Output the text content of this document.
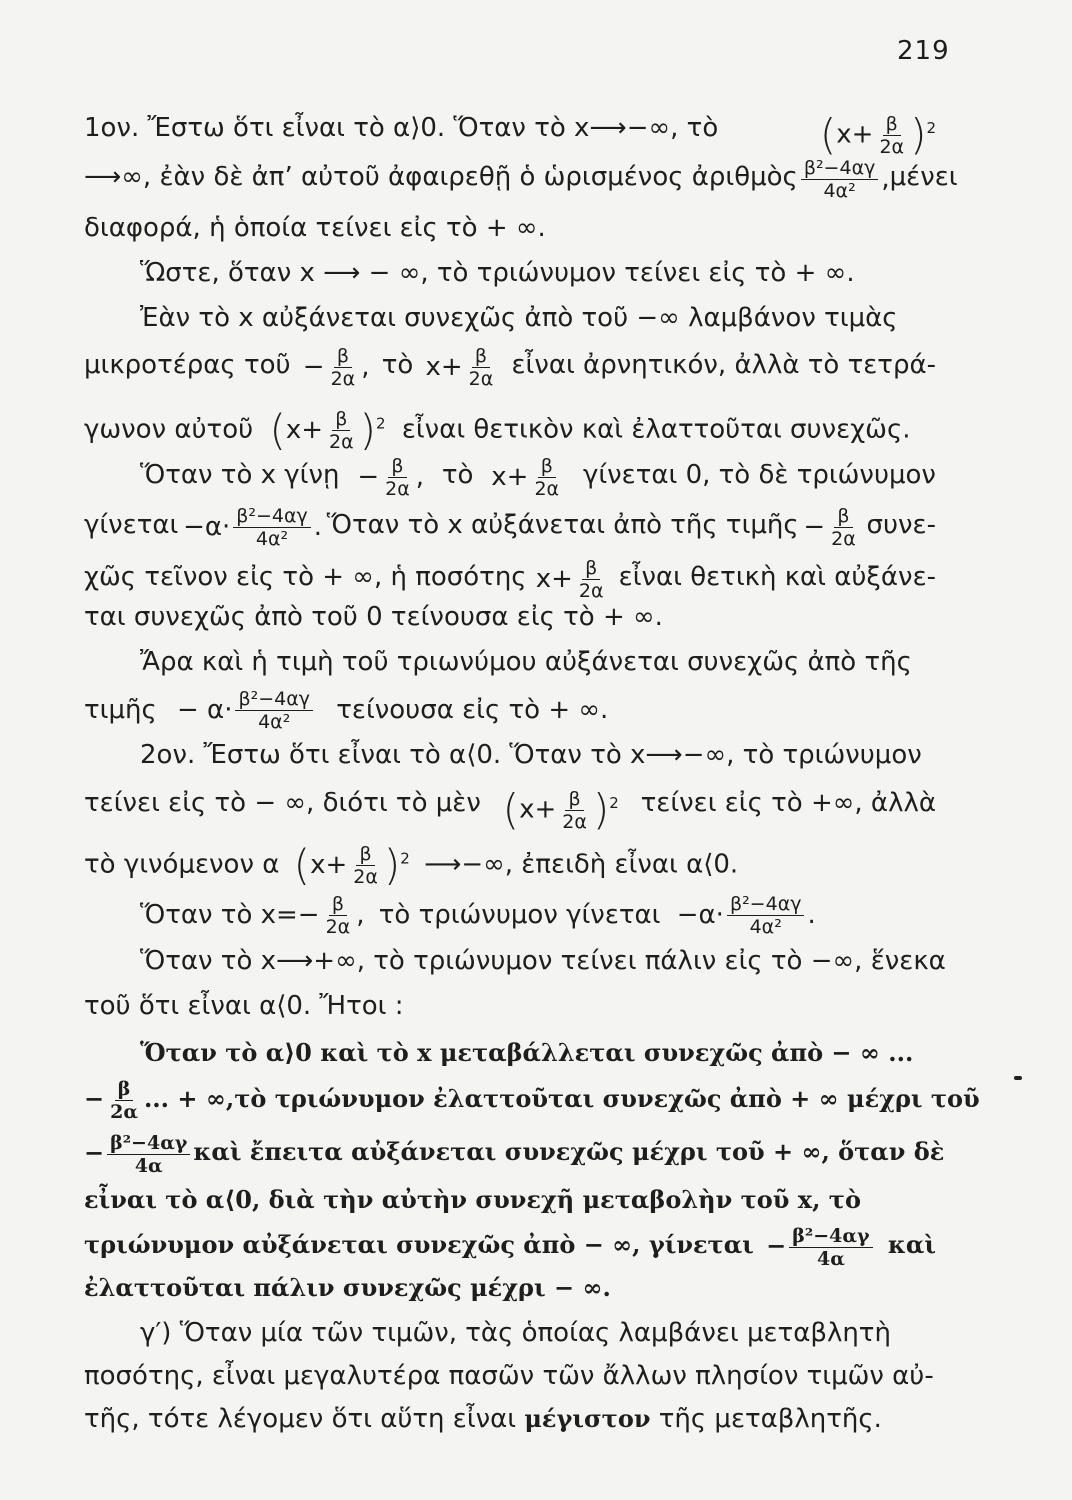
219
1ον. Ἔστω ὅτι εἶναι τὸ α⟩0. Ὅταν τὸ x⟶−∞, τὸ $(x+ \frac{\beta}{2\alpha} )^2$
⟶∞, ἐὰν δὲ ἀπ’ αὐτοῦ ἀφαιρεθῇ ὁ ὡρισμένος ἀριθμὸς $\frac{\text{β²−4αγ}}{\text{4α²}}$ , μένει
διαφορά, ἡ ὁποία τείνει εἰς τὸ + ∞.
Ὥστε, ὅταν x ⟶ − ∞, τὸ τριώνυμον τείνει εἰς τὸ + ∞.
Ἐὰν τὸ x αὐξάνεται συνεχῶς ἀπὸ τοῦ −∞ λαμβάνον τιμὰς
μικροτέρας τοῦ − $\frac{\beta}{2\alpha}$ , τὸ $x+ \frac{\beta}{2\alpha}$ εἶναι ἀρνητικόν, ἀλλὰ τὸ τετρά-
γωνον αὐτοῦ $(x+ \frac{\beta}{2\alpha} )^2$ εἶναι θετικὸν καὶ ἐλαττοῦται συνεχῶς.
Ὅταν τὸ x γίνῃ − $\frac{\beta}{2\alpha}$ , τὸ $x+ \frac{\beta}{2\alpha}$ γίνεται 0, τὸ δὲ τριώνυμον
$\gamma ί\nu\varepsilon\tau\alpha\iota -\alpha\cdot \frac{\text{β²−4αγ}}{\text{4α²}}$ . Ὅταν τὸ x αὐξάνεται ἀπὸ τῆς τιμῆς − $\frac{\beta}{2\alpha} \sigma\upsilon\nu\varepsilon-$
χῶς τεῖνον εἰς τὸ + ∞, ἡ ποσότης $x+ \frac{\beta}{2\alpha}$ εἶναι θετικὴ καὶ αὐξάνε-
ται συνεχῶς ἀπὸ τοῦ 0 τείνουσα εἰς τὸ + ∞.
Ἄρα καὶ ἡ τιμὴ τοῦ τριωνύμου αὐξάνεται συνεχῶς ἀπὸ τῆς
τιμῆς − $\alpha\cdot \frac{\text{β²−4αγ}}{\text{4α²}}$ τείνουσα εἰς τὸ + ∞.
2ον. Ἔστω ὅτι εἶναι τὸ α⟨0. Ὅταν τὸ x⟶−∞, τὸ τριώνυμον
τείνει εἰς τὸ − ∞, διότι τὸ μὲν $(x+ \frac{\beta}{2\alpha} )^2$ τείνει εἰς τὸ +∞, ἀλλὰ
τὸ γινόμενον α $(x+ \frac{\beta}{2\alpha} )^2$ ⟶−∞, ἐπειδὴ εἶναι α⟨0.
Ὅταν τὸ $x=- \frac{\beta}{2\alpha}$ , τὸ τριώνυμον $\gamma ί\nu\varepsilon\tau\alpha\iota -\alpha\cdot \frac{\text{β²−4αγ}}{\text{4α²}}$ .
Ὅταν τὸ x⟶+∞, τὸ τριώνυμον τείνει πάλιν εἰς τὸ −∞, ἕνεκα
τοῦ ὅτι εἶναι α⟨0. Ἤτοι :
Ὅταν τὸ α⟩0 καὶ τὸ x μεταβάλλεται συνεχῶς ἀπὸ − ∞ ...
− $\frac{\beta}{2\alpha}$ ... + ∞,τὸ τριώνυμον ἐλαττοῦται συνεχῶς ἀπὸ + ∞ μέχρι τοῦ
− $\frac{\text{β²−4αγ}}{4\alpha}$ καὶ ἔπειτα αὐξάνεται συνεχῶς μέχρι τοῦ + ∞, ὅταν δὲ
εἶναι τὸ α⟨0, διὰ τὴν αὐτὴν συνεχῆ μεταβολὴν τοῦ x, τὸ
τριώνυμον αὐξάνεται συνεχῶς ἀπὸ − ∞, $\gamma ί\nu\varepsilon\tau\alpha\iota - \frac{\text{β²−4αγ}}{4\alpha}$ καὶ
ἐλαττοῦται πάλιν συνεχῶς μέχρι − ∞.
γ′) Ὅταν μία τῶν τιμῶν, τὰς ὁποίας λαμβάνει μεταβλητὴ
ποσότης, εἶναι μεγαλυτέρα πασῶν τῶν ἄλλων πλησίον τιμῶν αὐ-
τῆς, τότε λέγομεν ὅτι αὕτη εἶναι μέγιστον τῆς μεταβλητῆς.
